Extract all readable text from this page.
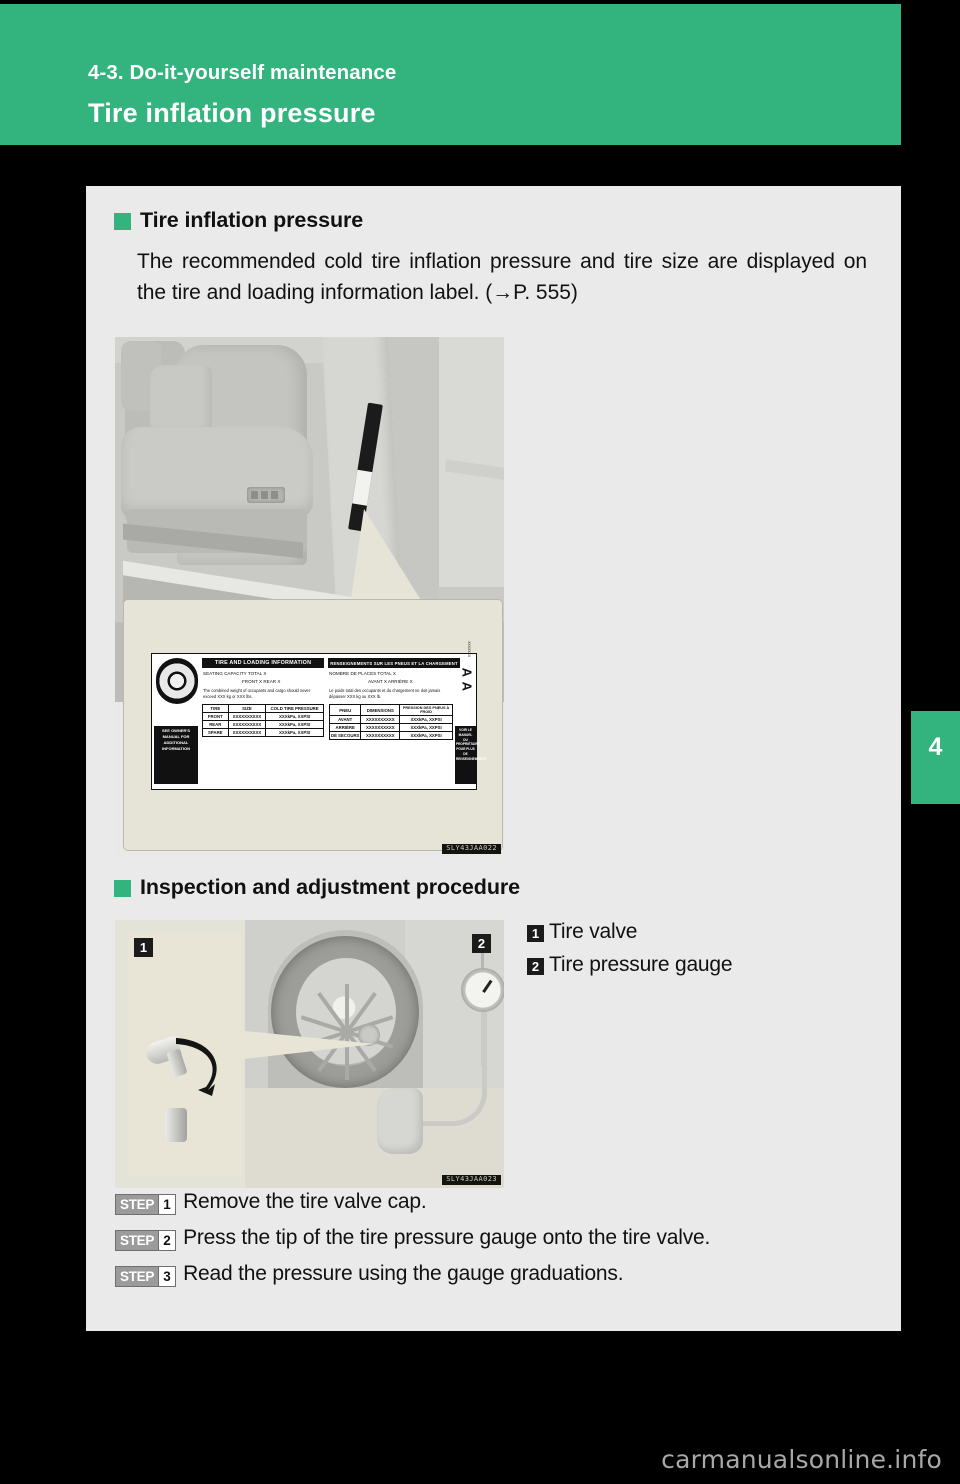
4-3. Do-it-yourself maintenance
Tire inflation pressure
4
Tire inflation pressure
The recommended cold tire inflation pressure and tire size are displayed on the tire and loading information label. (→P. 555)
TIRE AND LOADING INFORMATION	RENSEIGNEMENTS SUR LES PNEUS ET LA CHARGEMENT
SEATING CAPACITY TOTAL X
FRONT X REAR X
The combined weight of occupants and cargo should never exceed XXX kg or XXX lbs.
NOMBRE DE PLACES TOTAL X
AVANT X ARRIÈRE X
Le poids total des occupants et du chargement ne doit jamais dépasser XXX kg ou XXX lb.
TIRE	SIZE	COLD TIRE PRESSURE
FRONT	XXXXXXXXXX	XXXkPa, XXPSI
REAR	XXXXXXXXXX	XXXkPa, XXPSI
SPARE	XXXXXXXXXX	XXXkPa, XXPSI
PNEU	DIMENSIONS	PRESSION DES PNEUS À FROID
AVANT	XXXXXXXXXX	XXXkPa, XXPSI
ARRIÈRE	XXXXXXXXXX	XXXkPa, XXPSI
DE SECOURS	XXXXXXXXXX	XXXkPa, XXPSI
SEE OWNER'S MANUAL FOR ADDITIONAL INFORMATION
VOIR LE MANUEL DU PROPRIÉTAIRE POUR PLUS DE RENSEIGNEMENTS
A A
XXXXXXX
SLY43JAA022
Inspection and adjustment procedure
1	2
SLY43JAA023
1 Tire valve
2 Tire pressure gauge
STEP 1 Remove the tire valve cap.
STEP 2 Press the tip of the tire pressure gauge onto the tire valve.
STEP 3 Read the pressure using the gauge graduations.
carmanualsonline.info
